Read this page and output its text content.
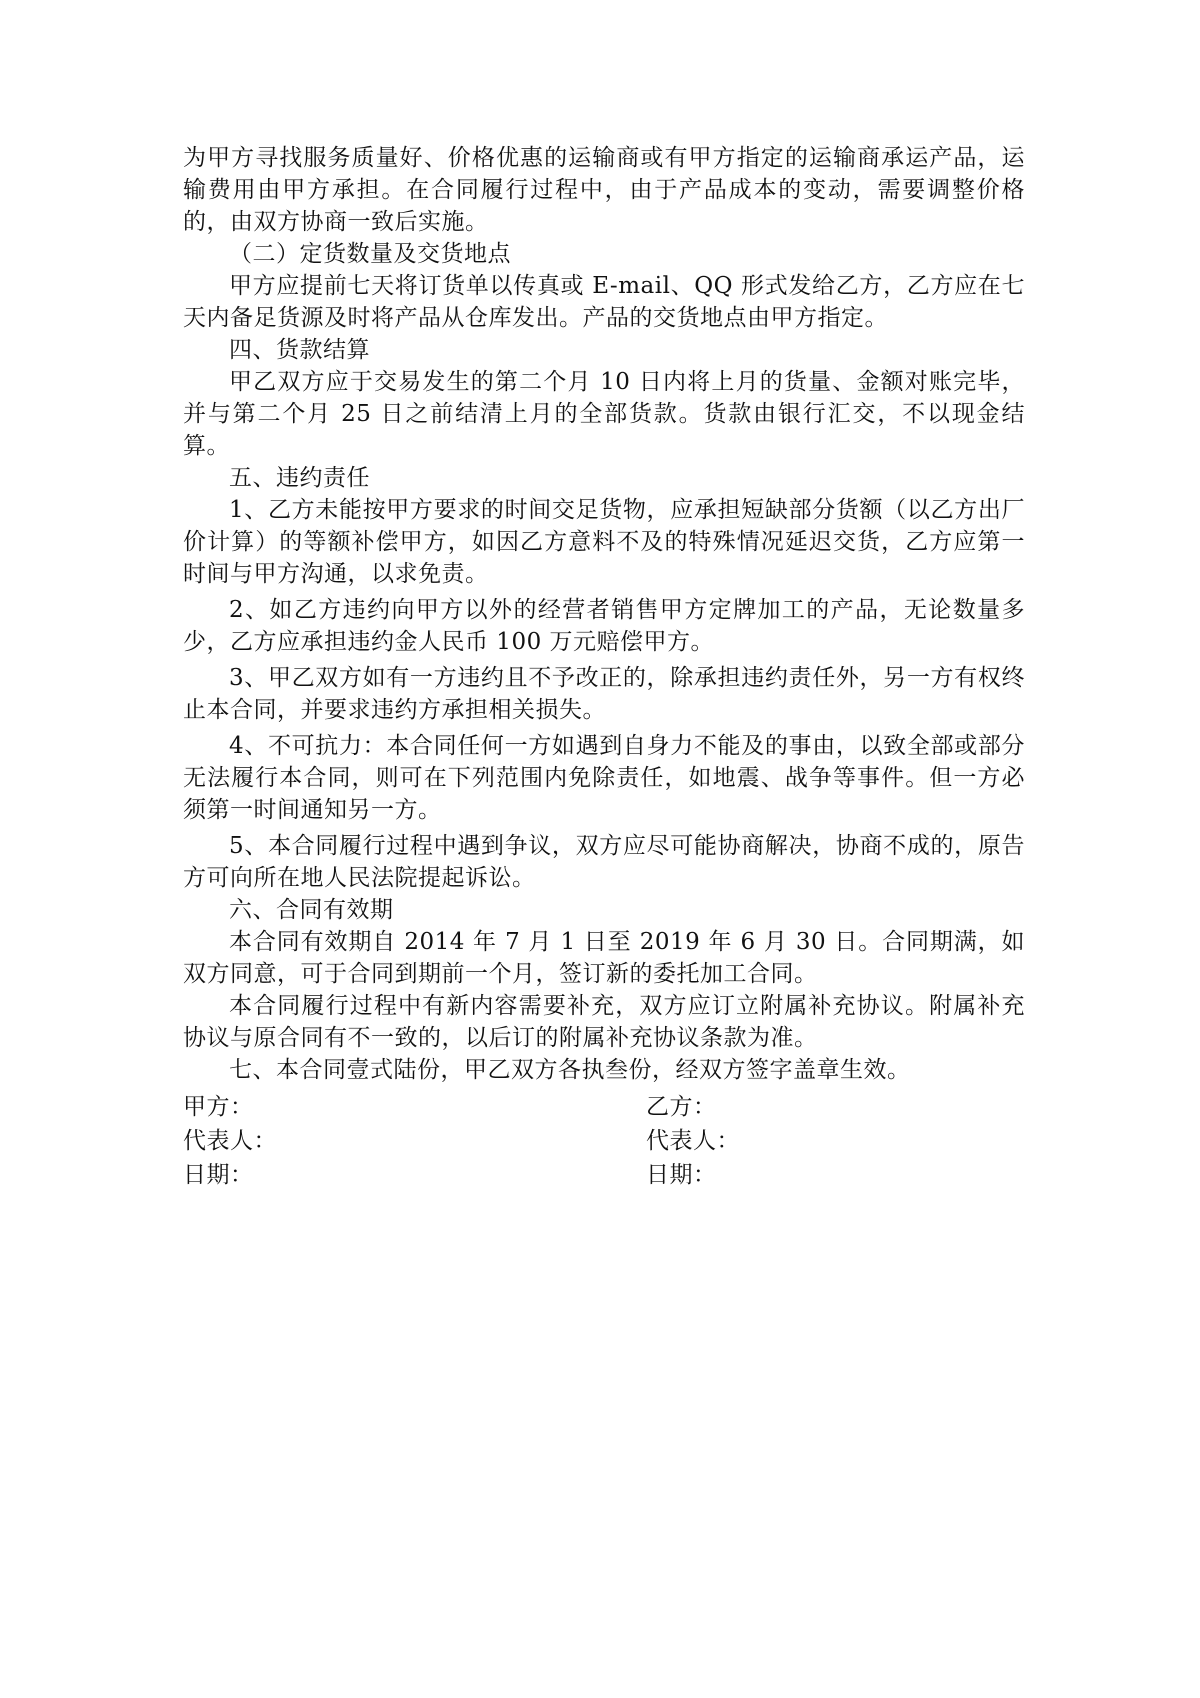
为甲方寻找服务质量好、价格优惠的运输商或有甲方指定的运输商承运产品，运输费用由甲方承担。在合同履行过程中，由于产品成本的变动，需要调整价格的，由双方协商一致后实施。

（二）定货数量及交货地点

甲方应提前七天将订货单以传真或 E-mail、QQ 形式发给乙方，乙方应在七天内备足货源及时将产品从仓库发出。产品的交货地点由甲方指定。

四、货款结算

甲乙双方应于交易发生的第二个月 10 日内将上月的货量、金额对账完毕，并与第二个月 25 日之前结清上月的全部货款。货款由银行汇交，不以现金结算。

五、违约责任

1、乙方未能按甲方要求的时间交足货物，应承担短缺部分货额（以乙方出厂价计算）的等额补偿甲方，如因乙方意料不及的特殊情况延迟交货，乙方应第一时间与甲方沟通，以求免责。

2、如乙方违约向甲方以外的经营者销售甲方定牌加工的产品，无论数量多少，乙方应承担违约金人民币 100 万元赔偿甲方。

3、甲乙双方如有一方违约且不予改正的，除承担违约责任外，另一方有权终止本合同，并要求违约方承担相关损失。

4、不可抗力：本合同任何一方如遇到自身力不能及的事由，以致全部或部分无法履行本合同，则可在下列范围内免除责任，如地震、战争等事件。但一方必须第一时间通知另一方。

5、本合同履行过程中遇到争议，双方应尽可能协商解决，协商不成的，原告方可向所在地人民法院提起诉讼。

六、合同有效期

本合同有效期自 2014 年 7 月 1 日至 2019 年 6 月 30 日。合同期满，如双方同意，可于合同到期前一个月，签订新的委托加工合同。

本合同履行过程中有新内容需要补充，双方应订立附属补充协议。附属补充协议与原合同有不一致的，以后订的附属补充协议条款为准。

七、本合同壹式陆份，甲乙双方各执叁份，经双方签字盖章生效。

甲方：

代表人：

日期：

乙方：

代表人：

日期：
